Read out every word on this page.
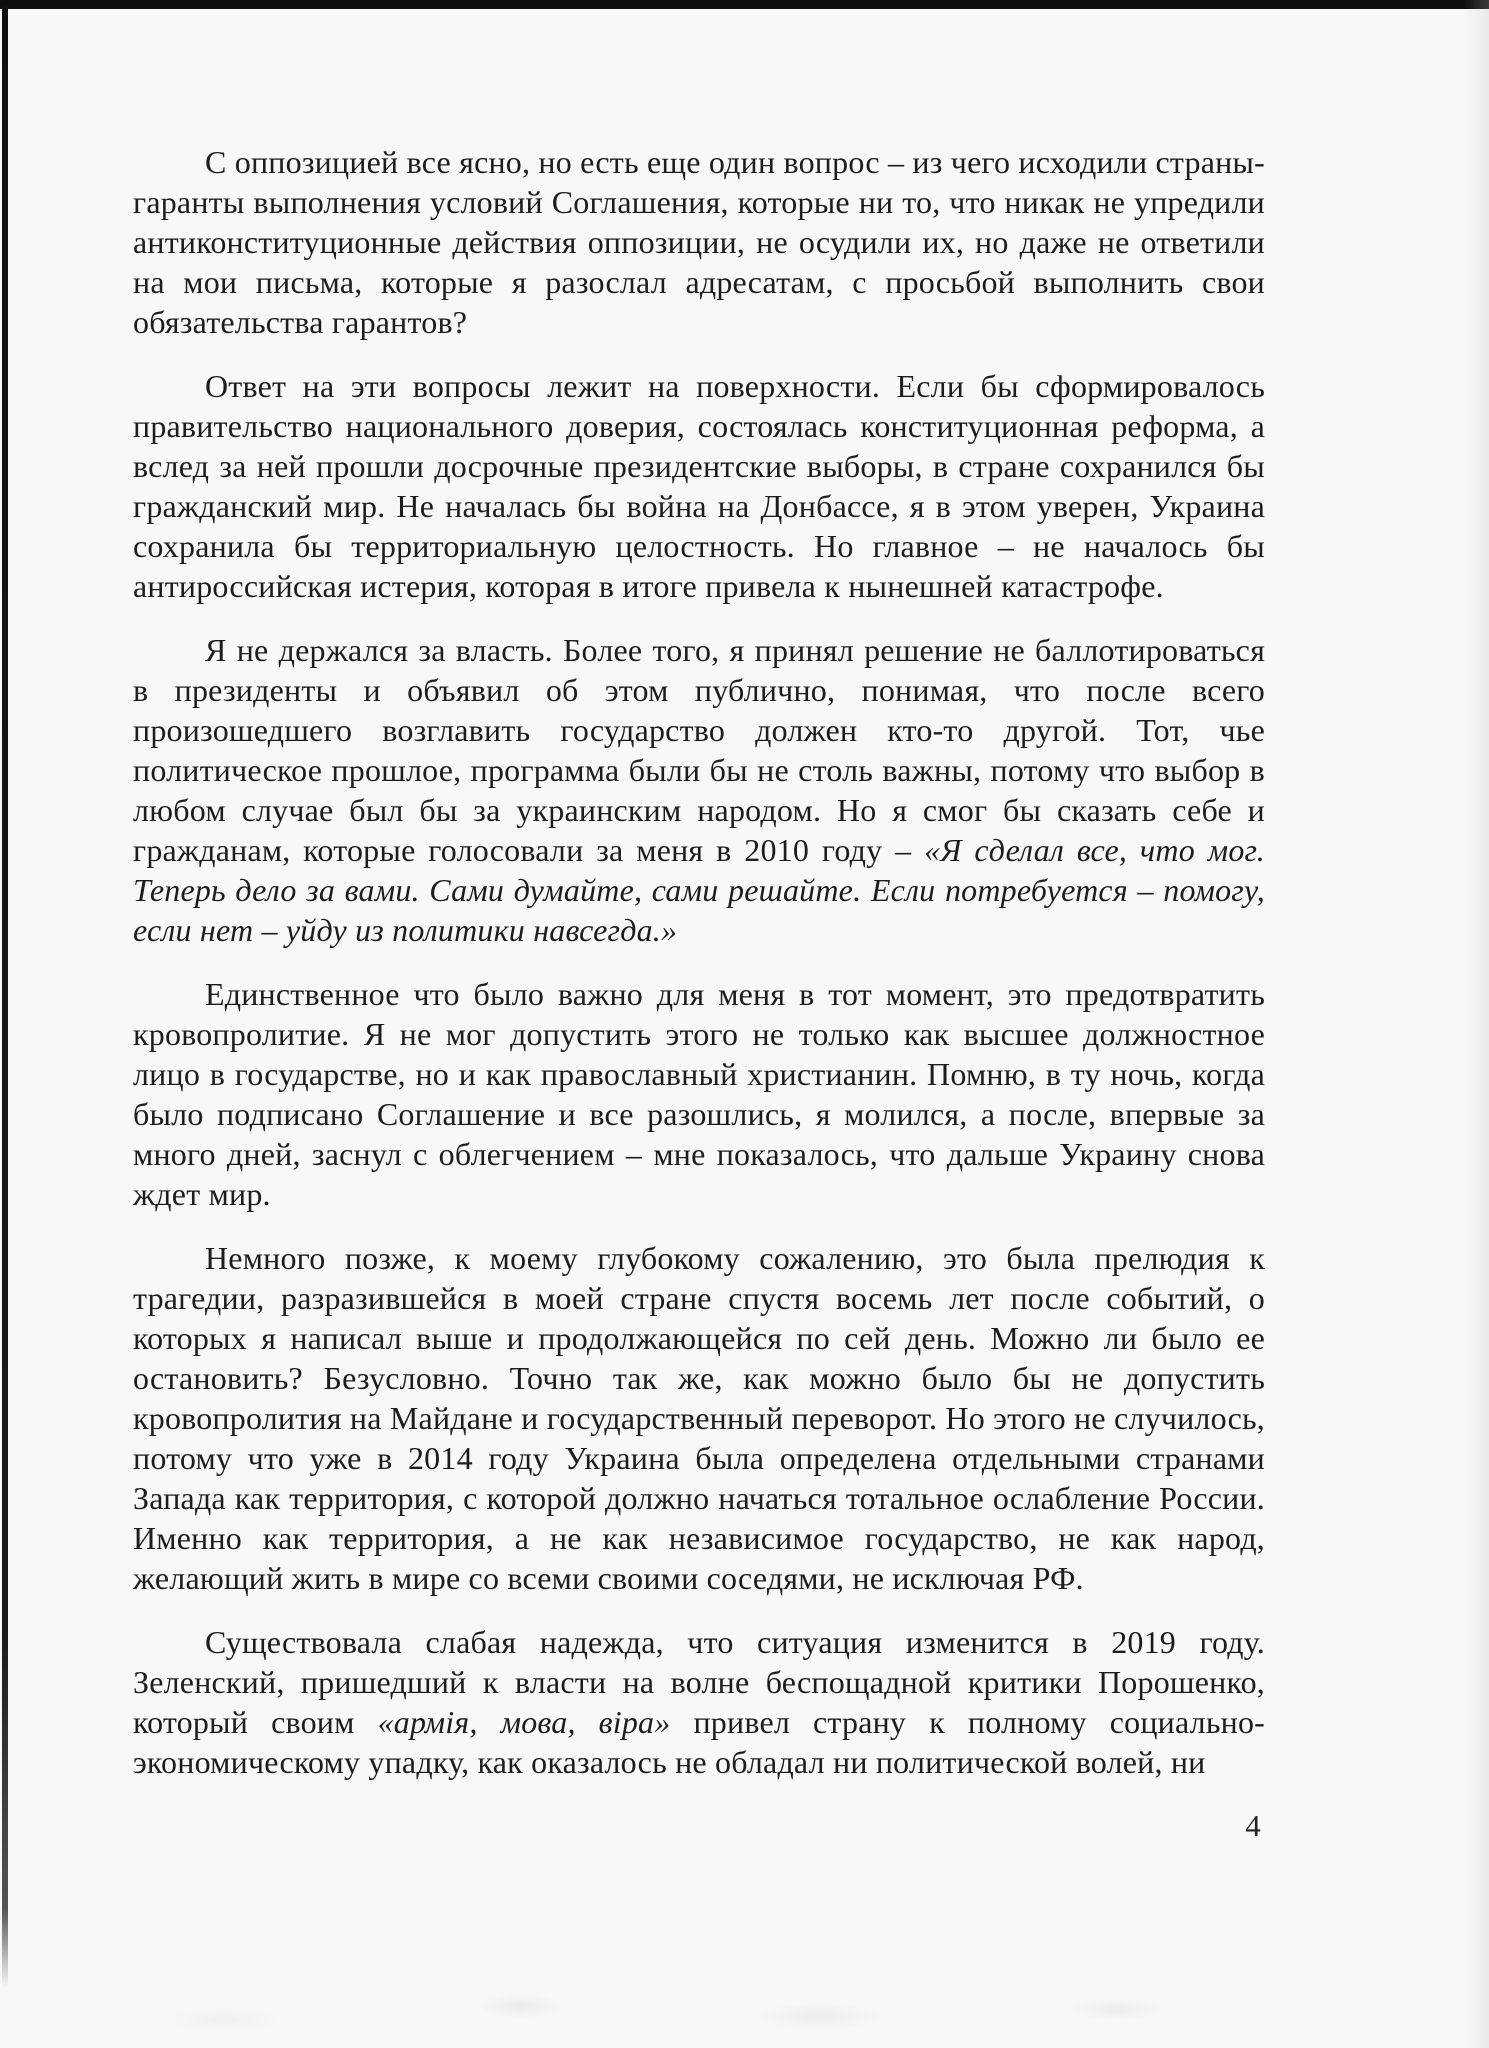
С оппозицией все ясно, но есть еще один вопрос – из чего исходили страны-гаранты выполнения условий Соглашения, которые ни то, что никак не упредили антиконституционные действия оппозиции, не осудили их, но даже не ответили на мои письма, которые я разослал адресатам, с просьбой выполнить свои обязательства гарантов?

Ответ на эти вопросы лежит на поверхности. Если бы сформировалось правительство национального доверия, состоялась конституционная реформа, а вслед за ней прошли досрочные президентские выборы, в стране сохранился бы гражданский мир. Не началась бы война на Донбассе, я в этом уверен, Украина сохранила бы территориальную целостность. Но главное – не началось бы антироссийская истерия, которая в итоге привела к нынешней катастрофе.

Я не держался за власть. Более того, я принял решение не баллотироваться в президенты и объявил об этом публично, понимая, что после всего произошедшего возглавить государство должен кто-то другой. Тот, чье политическое прошлое, программа были бы не столь важны, потому что выбор в любом случае был бы за украинским народом. Но я смог бы сказать себе и гражданам, которые голосовали за меня в 2010 году – «Я сделал все, что мог. Теперь дело за вами. Сами думайте, сами решайте. Если потребуется – помогу, если нет – уйду из политики навсегда.»

Единственное что было важно для меня в тот момент, это предотвратить кровопролитие. Я не мог допустить этого не только как высшее должностное лицо в государстве, но и как православный христианин. Помню, в ту ночь, когда было подписано Соглашение и все разошлись, я молился, а после, впервые за много дней, заснул с облегчением – мне показалось, что дальше Украину снова ждет мир.

Немного позже, к моему глубокому сожалению, это была прелюдия к трагедии, разразившейся в моей стране спустя восемь лет после событий, о которых я написал выше и продолжающейся по сей день. Можно ли было ее остановить? Безусловно. Точно так же, как можно было бы не допустить кровопролития на Майдане и государственный переворот. Но этого не случилось, потому что уже в 2014 году Украина была определена отдельными странами Запада как территория, с которой должно начаться тотальное ослабление России. Именно как территория, а не как независимое государство, не как народ, желающий жить в мире со всеми своими соседями, не исключая РФ.

Существовала слабая надежда, что ситуация изменится в 2019 году. Зеленский, пришедший к власти на волне беспощадной критики Порошенко, который своим «армія, мова, віра» привел страну к полному социально-экономическому упадку, как оказалось не обладал ни политической волей, ни

4
